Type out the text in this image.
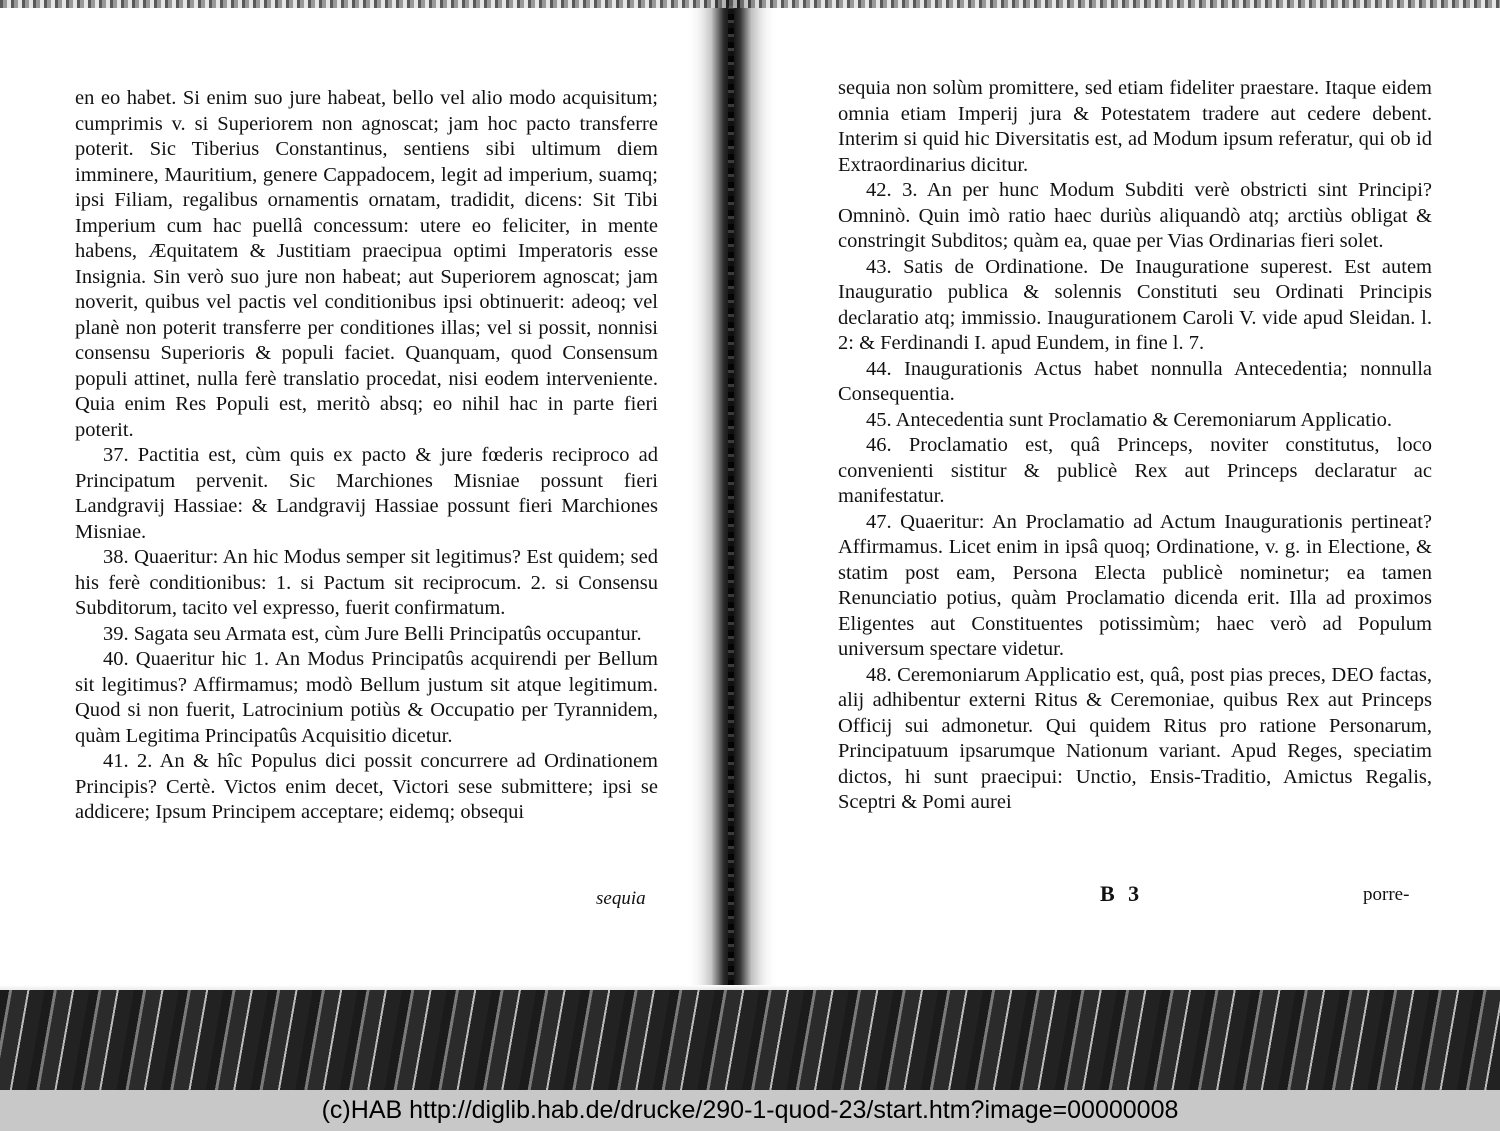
en eo habet. Si enim suo jure habeat, bello vel alio modo acquisitum; cumprimis v. si Superiorem non agnoscat; jam hoc pacto transferre poterit. Sic Tiberius Constantinus, sentiens sibi ultimum diem imminere, Mauritium, genere Cappadocem, legit ad imperium, suamq; ipsi Filiam, regalibus ornamentis ornatam, tradidit, dicens: Sit Tibi Imperium cum hac puellâ concessum: utere eo feliciter, in mente habens, Æquitatem & Justitiam praecipua optimi Imperatoris esse Insignia. Sin verò suo jure non habeat; aut Superiorem agnoscat; jam noverit, quibus vel pactis vel conditionibus ipsi obtinuerit: adeoq; vel planè non poterit transferre per conditiones illas; vel si possit, nonnisi consensu Superioris & populi faciet. Quanquam, quod Consensum populi attinet, nulla ferè translatio procedat, nisi eodem interveniente. Quia enim Res Populi est, meritò absq; eo nihil hac in parte fieri poterit.

37. Pactitia est, cùm quis ex pacto & jure fœderis reciproco ad Principatum pervenit. Sic Marchiones Misniae possunt fieri Landgravij Hassiae: & Landgravij Hassiae possunt fieri Marchiones Misniae.

38. Quaeritur: An hic Modus semper sit legitimus? Est quidem; sed his ferè conditionibus: 1. si Pactum sit reciprocum. 2. si Consensu Subditorum, tacito vel expresso, fuerit confirmatum.

39. Sagata seu Armata est, cùm Jure Belli Principatûs occupantur.

40. Quaeritur hic 1. An Modus Principatûs acquirendi per Bellum sit legitimus? Affirmamus; modò Bellum justum sit atque legitimum. Quod si non fuerit, Latrocinium potiùs & Occupatio per Tyrannidem, quàm Legitima Principatûs Acquisitio dicetur.

41. 2. An & hîc Populus dici possit concurrere ad Ordinationem Principis? Certè. Victos enim decet, Victori sese submittere; ipsi se addicere; Ipsum Principem acceptare; eidemq; obsequi

sequia

sequia non solùm promittere, sed etiam fideliter praestare. Itaque eidem omnia etiam Imperij jura & Potestatem tradere aut cedere debent. Interim si quid hic Diversitatis est, ad Modum ipsum referatur, qui ob id Extraordinarius dicitur.

42. 3. An per hunc Modum Subditi verè obstricti sint Principi? Omninò. Quin imò ratio haec duriùs aliquandò atq; arctiùs obligat & constringit Subditos; quàm ea, quae per Vias Ordinarias fieri solet.

43. Satis de Ordinatione. De Inauguratione superest. Est autem Inauguratio publica & solennis Constituti seu Ordinati Principis declaratio atq; immissio. Inaugurationem Caroli V. vide apud Sleidan. l. 2: & Ferdinandi I. apud Eundem, in fine l. 7.

44. Inaugurationis Actus habet nonnulla Antecedentia; nonnulla Consequentia.

45. Antecedentia sunt Proclamatio & Ceremoniarum Applicatio.

46. Proclamatio est, quâ Princeps, noviter constitutus, loco convenienti sistitur & publicè Rex aut Princeps declaratur ac manifestatur.

47. Quaeritur: An Proclamatio ad Actum Inaugurationis pertineat? Affirmamus. Licet enim in ipsâ quoq; Ordinatione, v. g. in Electione, & statim post eam, Persona Electa publicè nominetur; ea tamen Renunciatio potius, quàm Proclamatio dicenda erit. Illa ad proximos Eligentes aut Constituentes potissimùm; haec verò ad Populum universum spectare videtur.

48. Ceremoniarum Applicatio est, quâ, post pias preces, DEO factas, alij adhibentur externi Ritus & Ceremoniae, quibus Rex aut Princeps Officij sui admonetur. Qui quidem Ritus pro ratione Personarum, Principatuum ipsarumque Nationum variant. Apud Reges, speciatim dictos, hi sunt praecipui: Unctio, Ensis-Traditio, Amictus Regalis, Sceptri & Pomi aurei

B 3	porre-
(c)HAB http://diglib.hab.de/drucke/290-1-quod-23/start.htm?image=00000008
